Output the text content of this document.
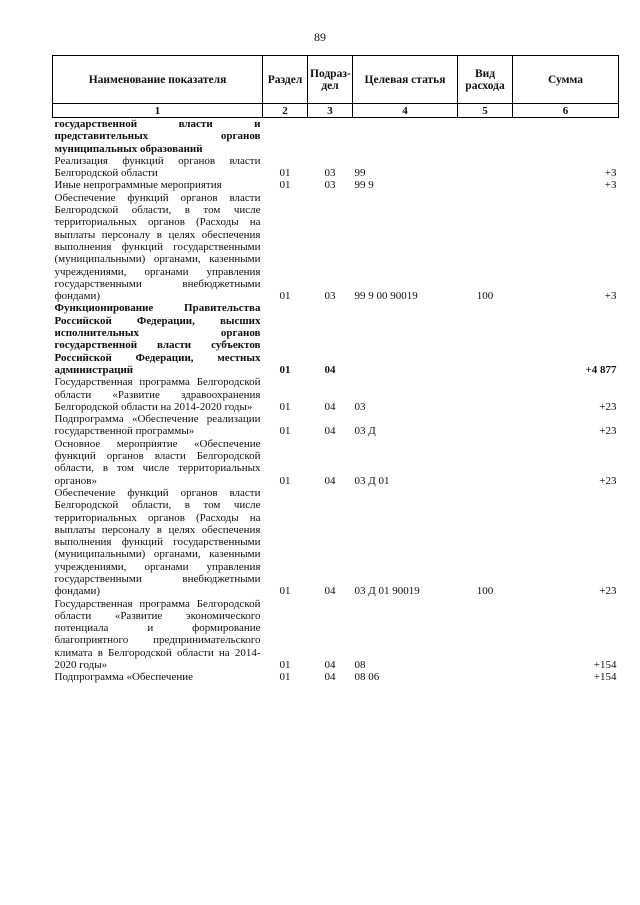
89
Наименование показателя	Раздел	Подраз-дел	Целевая статья	Вид расхода	Сумма
1	2	3	4	5	6
государственной власти и представительных органов муниципальных образований					
Реализация функций органов власти Белгородской области	01	03	99		+3
Иные непрограммные мероприятия	01	03	99 9		+3
Обеспечение функций органов власти Белгородской области, в том числе территориальных органов (Расходы на выплаты персоналу в целях обеспечения выполнения функций государственными (муниципальными) органами, казенными учреждениями, органами управления государственными внебюджетными фондами)	01	03	99 9 00 90019	100	+3
Функционирование Правительства Российской Федерации, высших исполнительных органов государственной власти субъектов Российской Федерации, местных администраций	01	04			+4 877
Государственная программа Белгородской области «Развитие здравоохранения Белгородской области на 2014-2020 годы»	01	04	03		+23
Подпрограмма «Обеспечение реализации государственной программы»	01	04	03 Д		+23
Основное мероприятие «Обеспечение функций органов власти Белгородской области, в том числе территориальных органов»	01	04	03 Д 01		+23
Обеспечение функций органов власти Белгородской области, в том числе территориальных органов (Расходы на выплаты персоналу в целях обеспечения выполнения функций государственными (муниципальными) органами, казенными учреждениями, органами управления государственными внебюджетными фондами)	01	04	03 Д 01 90019	100	+23
Государственная программа Белгородской области «Развитие экономического потенциала и формирование благоприятного предпринимательского климата в Белгородской области на 2014-2020 годы»	01	04	08		+154
Подпрограмма «Обеспечение	01	04	08 06		+154
